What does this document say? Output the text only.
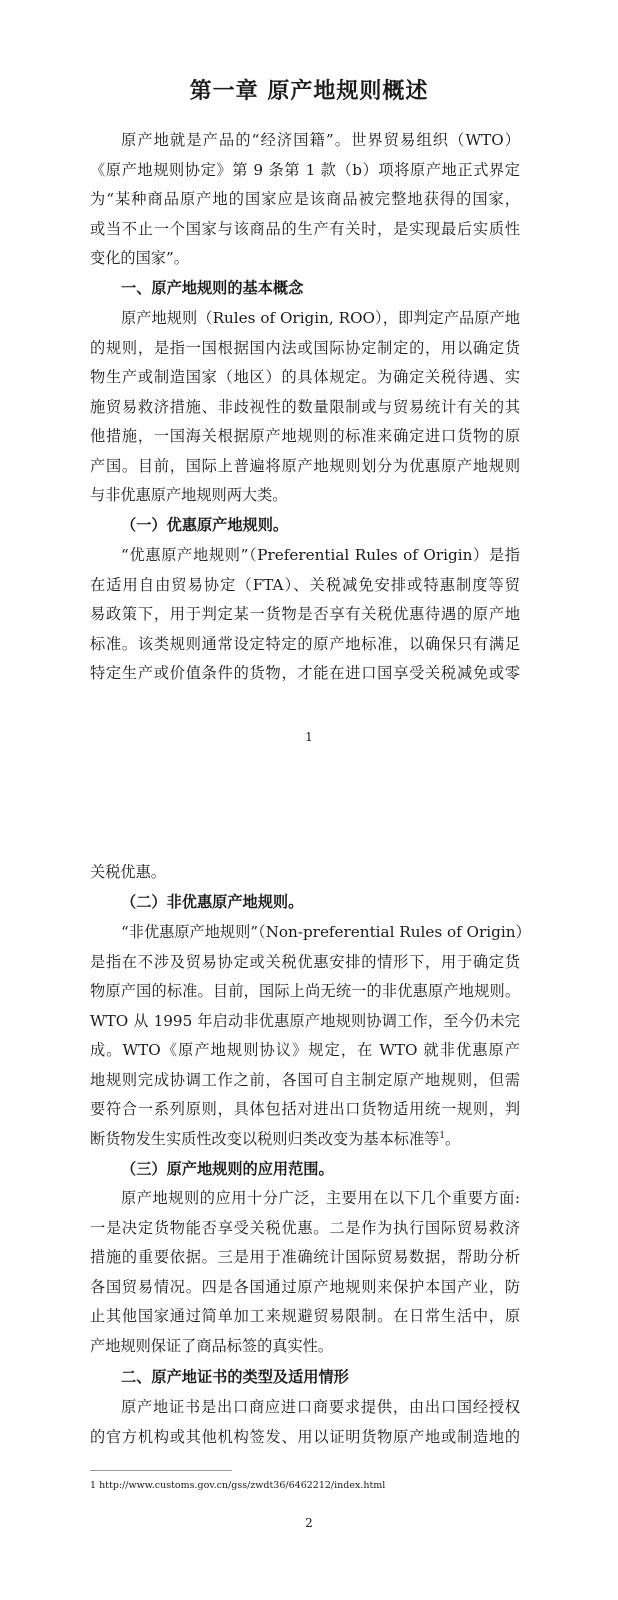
第一章 原产地规则概述
原产地就是产品的“经济国籍”。世界贸易组织（WTO）
《原产地规则协定》第 9 条第 1 款（b）项将原产地正式界定
为“某种商品原产地的国家应是该商品被完整地获得的国家，
或当不止一个国家与该商品的生产有关时，是实现最后实质性
变化的国家”。
一、原产地规则的基本概念
原产地规则（Rules of Origin, ROO），即判定产品原产地
的规则，是指一国根据国内法或国际协定制定的，用以确定货
物生产或制造国家（地区）的具体规定。为确定关税待遇、实
施贸易救济措施、非歧视性的数量限制或与贸易统计有关的其
他措施，一国海关根据原产地规则的标准来确定进口货物的原
产国。目前，国际上普遍将原产地规则划分为优惠原产地规则
与非优惠原产地规则两大类。
（一）优惠原产地规则。
“优惠原产地规则”（Preferential Rules of Origin）是指
在适用自由贸易协定（FTA）、关税减免安排或特惠制度等贸
易政策下，用于判定某一货物是否享有关税优惠待遇的原产地
标准。该类规则通常设定特定的原产地标准，以确保只有满足
特定生产或价值条件的货物，才能在进口国享受关税减免或零
1
关税优惠。
（二）非优惠原产地规则。
“非优惠原产地规则”（Non-preferential Rules of Origin）
是指在不涉及贸易协定或关税优惠安排的情形下，用于确定货
物原产国的标准。目前，国际上尚无统一的非优惠原产地规则。
WTO 从 1995 年启动非优惠原产地规则协调工作，至今仍未完
成。WTO《原产地规则协议》规定，在 WTO 就非优惠原产
地规则完成协调工作之前，各国可自主制定原产地规则，但需
要符合一系列原则，具体包括对进出口货物适用统一规则，判
断货物发生实质性改变以税则归类改变为基本标准等$^1$。
（三）原产地规则的应用范围。
原产地规则的应用十分广泛，主要用在以下几个重要方面:
一是决定货物能否享受关税优惠。二是作为执行国际贸易救济
措施的重要依据。三是用于准确统计国际贸易数据，帮助分析
各国贸易情况。四是各国通过原产地规则来保护本国产业，防
止其他国家通过简单加工来规避贸易限制。在日常生活中，原
产地规则保证了商品标签的真实性。
二、原产地证书的类型及适用情形
原产地证书是出口商应进口商要求提供，由出口国经授权
的官方机构或其他机构签发、用以证明货物原产地或制造地的
1 http://www.customs.gov.cn/gss/zwdt36/6462212/index.html
2
